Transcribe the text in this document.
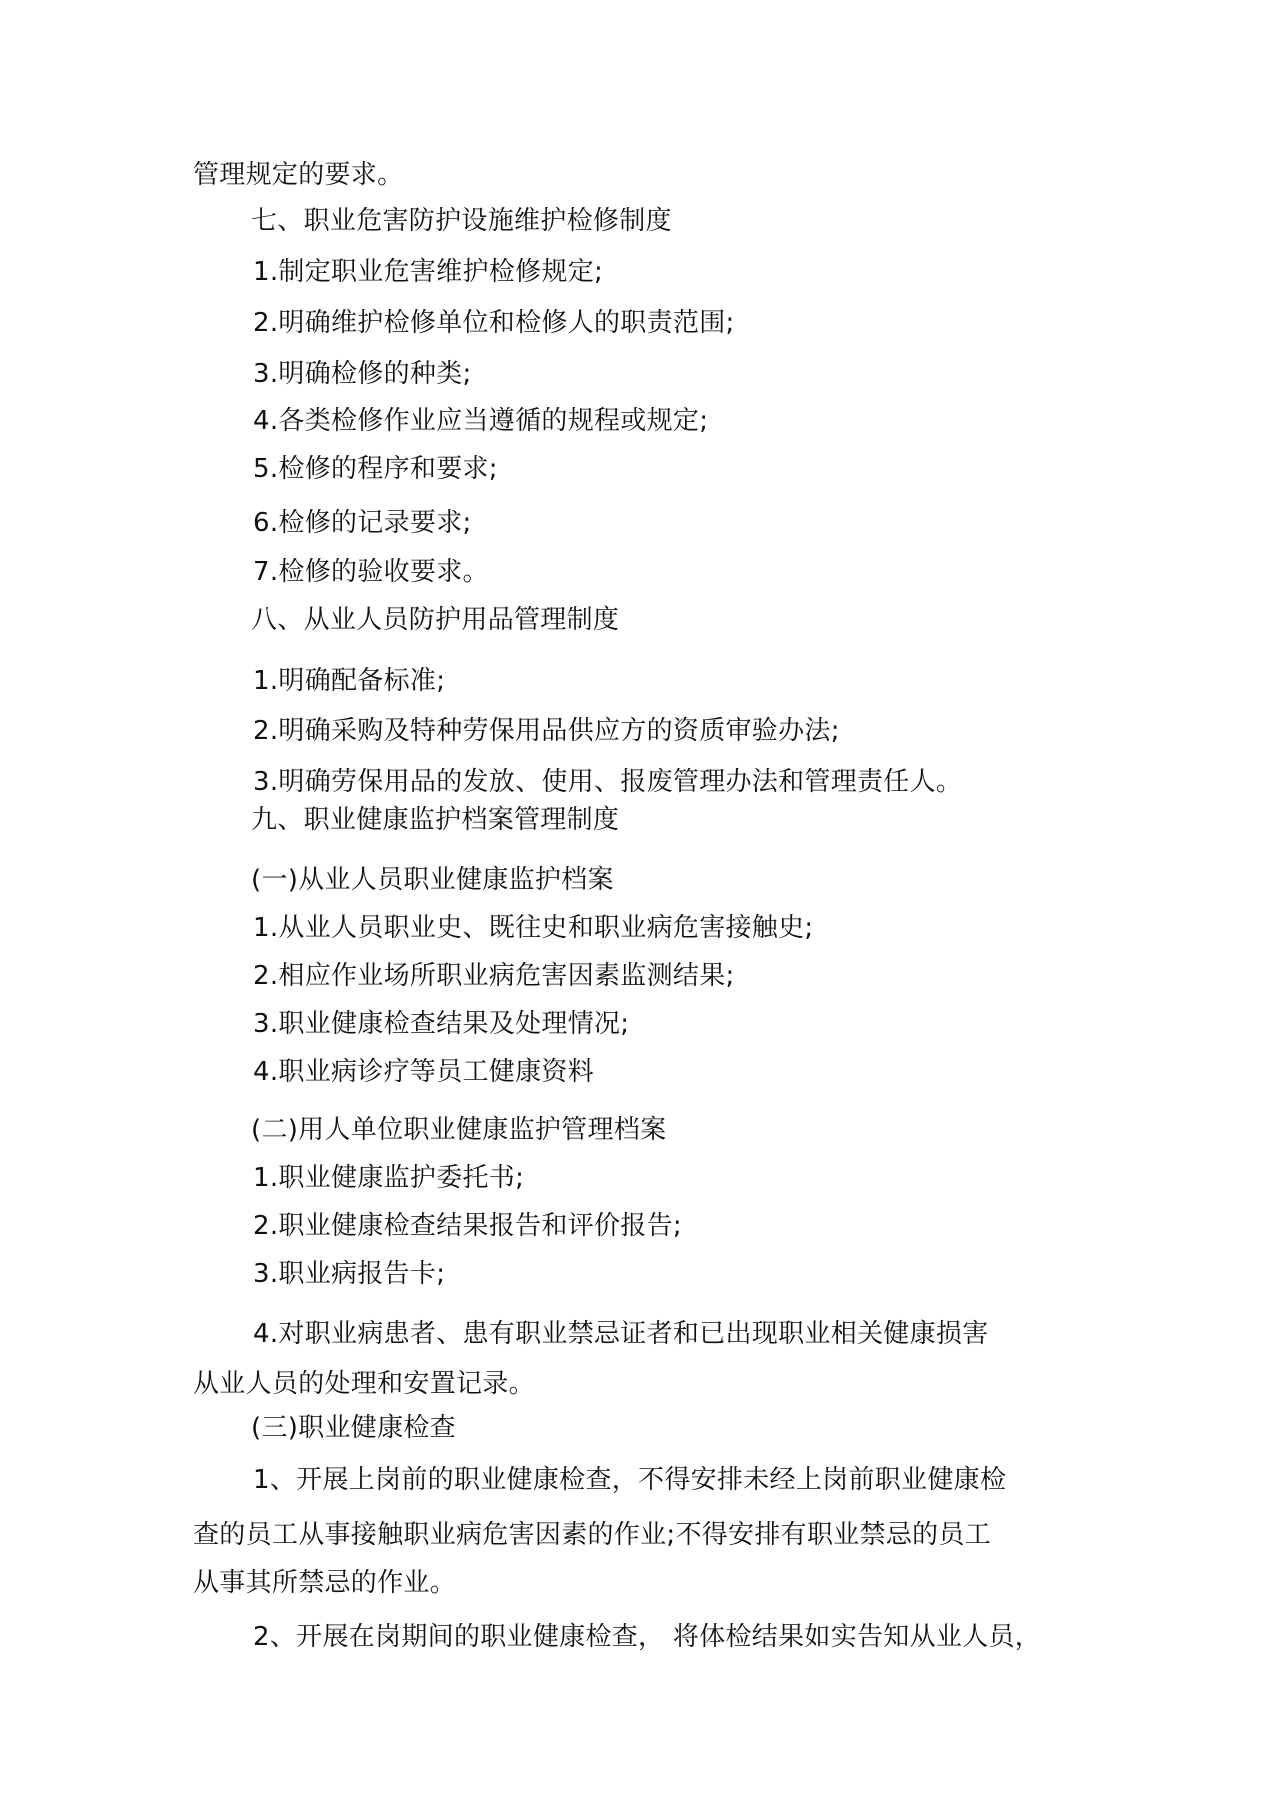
管理规定的要求。
七、职业危害防护设施维护检修制度
1.制定职业危害维护检修规定;
2.明确维护检修单位和检修人的职责范围;
3.明确检修的种类;
4.各类检修作业应当遵循的规程或规定;
5.检修的程序和要求;
6.检修的记录要求;
7.检修的验收要求。
八、从业人员防护用品管理制度
1.明确配备标准;
2.明确采购及特种劳保用品供应方的资质审验办法;
3.明确劳保用品的发放、使用、报废管理办法和管理责任人。
九、职业健康监护档案管理制度
(一)从业人员职业健康监护档案
1.从业人员职业史、既往史和职业病危害接触史;
2.相应作业场所职业病危害因素监测结果;
3.职业健康检查结果及处理情况;
4.职业病诊疗等员工健康资料
(二)用人单位职业健康监护管理档案
1.职业健康监护委托书;
2.职业健康检查结果报告和评价报告;
3.职业病报告卡;
4.对职业病患者、患有职业禁忌证者和已出现职业相关健康损害
从业人员的处理和安置记录。
(三)职业健康检查
1、开展上岗前的职业健康检查，不得安排未经上岗前职业健康检
查的员工从事接触职业病危害因素的作业;不得安排有职业禁忌的员工
从事其所禁忌的作业。
2、开展在岗期间的职业健康检查， 将体检结果如实告知从业人员，
